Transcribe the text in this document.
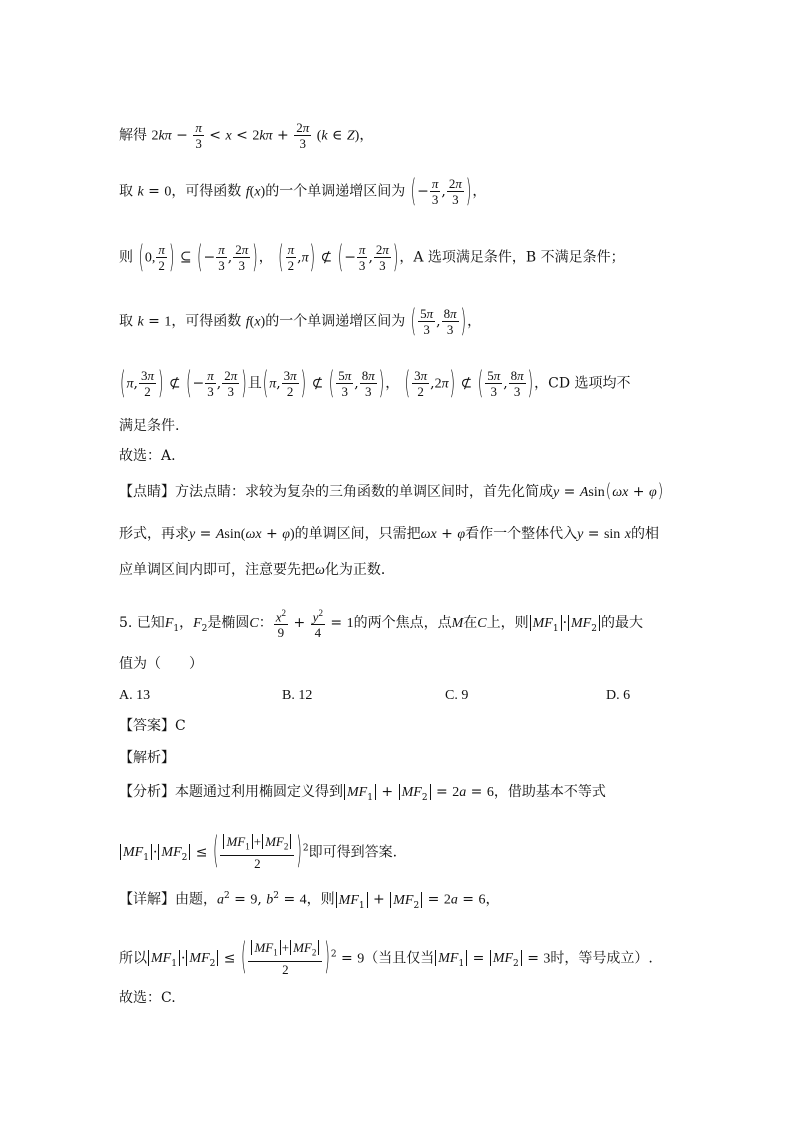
解得 $2k\pi - \frac{\pi}{3} < x < 2k\pi + \frac{2\pi}{3} (k$ ∈ Z)，
取 k = 0，可得函数 f(x)的一个单调递增区间为 (− $\frac{\pi}{3}$ , $\frac{2\pi}{3}$ )，
则 (0, $\frac{\pi}{2}$ ) ⊆ (− $\frac{\pi}{3}$ , $\frac{2\pi}{3}$ )， ( $\frac{\pi}{2} ,\pi$) ⊄ (− $\frac{\pi}{3}$ , $\frac{2\pi}{3}$ )，A 选项满足条件，B 不满足条件；
取 k = 1，可得函数 f(x)的一个单调递增区间为 ( $\frac{5\pi}{3}$ , $\frac{8\pi}{3}$ )，
(π, $\frac{3\pi}{2}$ ) ⊄ (− $\frac{\pi}{3}$ , $\frac{2\pi}{3}$ )且(π, $\frac{3\pi}{2}$ ) ⊄ ( $\frac{5\pi}{3}$ , $\frac{8\pi}{3}$ )， ( $\frac{3\pi}{2} ,2\pi$) ⊄ ( $\frac{5\pi}{3}$ , $\frac{8\pi}{3}$ )，CD 选项均不
满足条件.
故选：A.
【点睛】方法点睛：求较为复杂的三角函数的单调区间时，首先化简成y = Asin(ωx + φ)
形式，再求y = Asin(ωx + φ)的单调区间，只需把ωx + φ看作一个整体代入y = sin x的相
应单调区间内即可，注意要先把ω化为正数．
5. 已知$F_1$，$F_2$是椭圆C： $\frac{x^2}{9} + \frac{y^2}{4} = 1$的两个焦点，点M在C上，则 $MF_1 \cdot MF_2$ 的最大
值为（　　）
A. 13	B. 12	C. 9	D. 6
【答案】C
【解析】
【分析】本题通过利用椭圆定义得到 $MF_1 + MF_2 = 2a = 6$，借助基本不等式
$MF_1 \cdot MF_2$ ≤ ( $\frac{MF_1 + MF_2}{2} )^2$即可得到答案.
【详解】由题，$a^2 = 9$, $b^2 = 4$，则 $MF_1 + MF_2 = 2a = 6$，
所以 $MF_1 \cdot MF_2$ ≤ ( $\frac{MF_1 + MF_2}{2} )^2 = 9$（当且仅当 $MF_1 = MF_2 = 3$时，等号成立）.
故选：C.
